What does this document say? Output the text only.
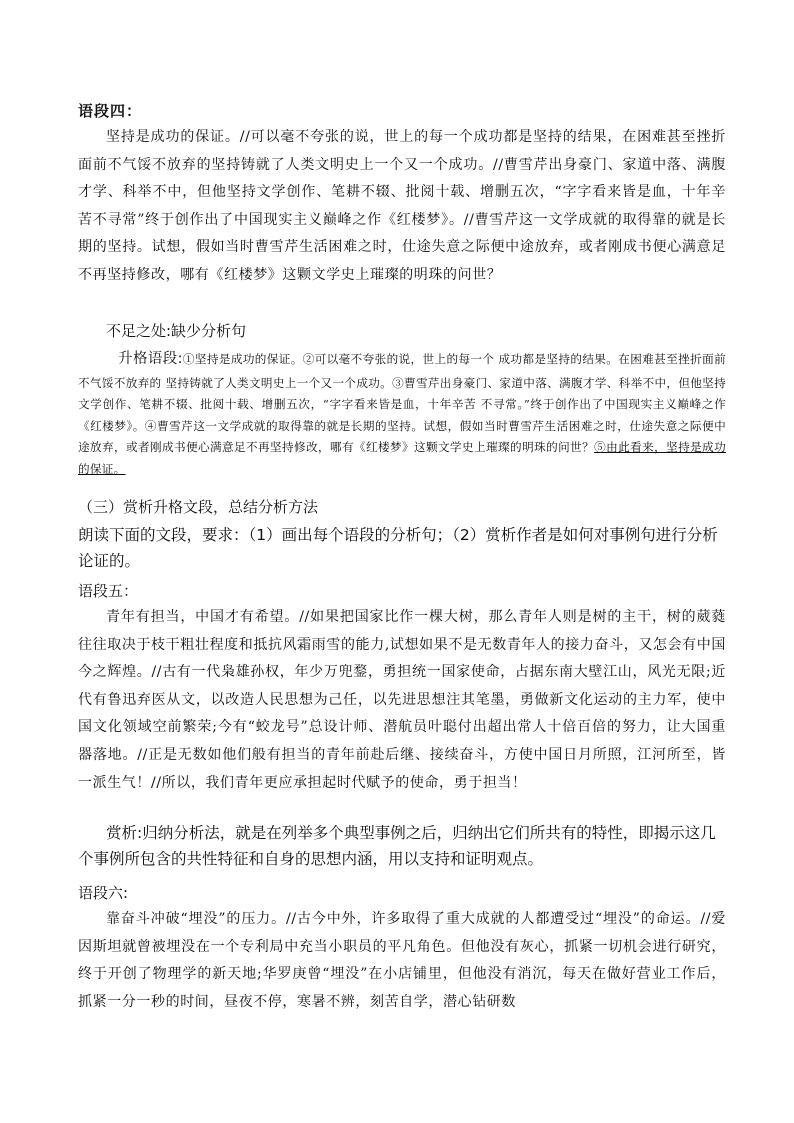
语段四：
坚持是成功的保证。//可以毫不夸张的说，世上的每一个成功都是坚持的结果，在困难甚至挫折面前不气馁不放弃的坚持铸就了人类文明史上一个又一个成功。//曹雪芹出身豪门、家道中落、满腹才学、科举不中，但他坚持文学创作、笔耕不辍、批阅十载、增删五次，“字字看来皆是血，十年辛苦不寻常”终于创作出了中国现实主义巅峰之作《红楼梦》。//曹雪芹这一文学成就的取得靠的就是长期的坚持。试想，假如当时曹雪芹生活困难之时，仕途失意之际便中途放弃，或者刚成书便心满意足不再坚持修改，哪有《红楼梦》这颗文学史上璀璨的明珠的问世？
不足之处:缺少分析句
升格语段:①坚持是成功的保证。②可以毫不夸张的说，世上的每一个 成功都是坚持的结果。在困难甚至挫折面前不气馁不放弃的 坚持铸就了人类文明史上一个又一个成功。③曹雪芹出身豪门、家道中落、满腹才学、科举不中，但他坚持文学创作、笔耕不辍、批阅十载、增删五次，“字字看来皆是血，十年辛苦 不寻常。”终于创作出了中国现实主义巅峰之作《红楼梦》。④曹雪芹这一文学成就的取得靠的就是长期的坚持。试想，假如当时曹雪芹生活困难之时，仕途失意之际便中途放弃，或者刚成书便心满意足不再坚持修改，哪有《红楼梦》这颗文学史上璀璨的明珠的问世？⑤由此看来，坚持是成功的保证。
（三）赏析升格文段，总结分析方法
朗读下面的文段，要求：（1）画出每个语段的分析句；（2）赏析作者是如何对事例句进行分析论证的。
语段五：
青年有担当，中国才有希望。//如果把国家比作一棵大树，那么青年人则是树的主干，树的葳蕤往往取决于枝干粗壮程度和抵抗风霜雨雪的能力,试想如果不是无数青年人的接力奋斗，又怎会有中国今之辉煌。//古有一代枭雄孙权，年少万兜鍪，勇担统一国家使命，占据东南大壁江山，风光无限;近代有鲁迅弃医从文，以改造人民思想为己任，以先进思想注其笔墨，勇做新文化运动的主力军，使中国文化领域空前繁荣;今有“蛟龙号”总设计师、潜航员叶聪付出超出常人十倍百倍的努力，让大国重器落地。//正是无数如他们般有担当的青年前赴后继、接续奋斗，方使中国日月所照，江河所至，皆一派生气！//所以，我们青年更应承担起时代赋予的使命，勇于担当！
赏析:归纳分析法，就是在列举多个典型事例之后，归纳出它们所共有的特性，即揭示这几个事例所包含的共性特征和自身的思想内涵，用以支持和证明观点。
语段六:
靠奋斗冲破“埋没”的压力。//古今中外，许多取得了重大成就的人都遭受过“埋没”的命运。//爱因斯坦就曾被埋没在一个专利局中充当小职员的平凡角色。但他没有灰心，抓紧一切机会进行研究，终于开创了物理学的新天地;华罗庚曾“埋没”在小店铺里，但他没有消沉，每天在做好营业工作后，抓紧一分一秒的时间，昼夜不停，寒暑不辨，刻苦自学，潜心钻研数
